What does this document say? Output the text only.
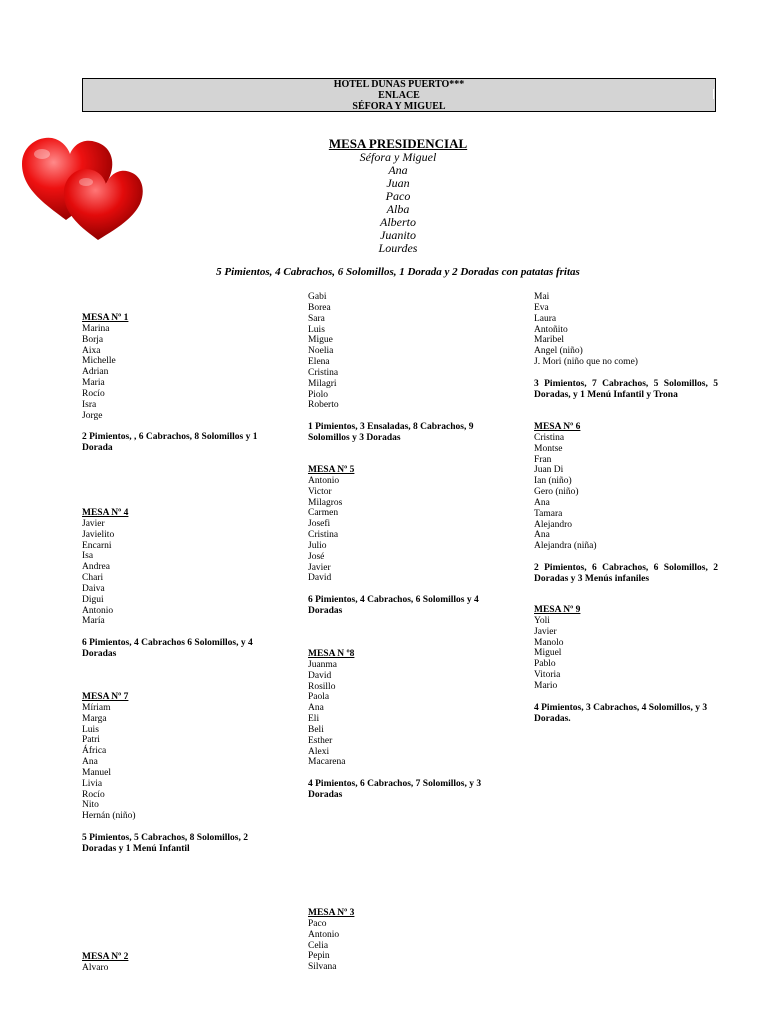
HOTEL DUNAS PUERTO***
ENLACE
SÉFORA Y MIGUEL
MESA PRESIDENCIAL
Séfora y Miguel
Ana
Juan
Paco
Alba
Alberto
Juanito
Lourdes
5 Pimientos, 4 Cabrachos, 6 Solomillos, 1 Dorada y 2 Doradas con patatas fritas
MESA Nº 1
Marina
Borja
Aixa
Michelle
Adrian
Maria
Rocío
Isra
Jorge
2 Pimientos, , 6 Cabrachos, 8 Solomillos y 1 Dorada
MESA Nº 4
Javier
Javielito
Encarni
Isa
Andrea
Chari
Daiva
Digui
Antonio
María
6 Pimientos, 4 Cabrachos 6 Solomillos, y 4 Doradas
MESA Nº 7
Míriam
Marga
Luis
Patri
África
Ana
Manuel
Livia
Rocío
Nito
Hernán (niño)
5 Pimientos, 5 Cabrachos, 8 Solomillos, 2 Doradas y 1 Menú Infantil
MESA Nº 2
Alvaro
Gabi
Borea
Sara
Luis
Migue
Noelia
Elena
Cristina
Milagri
Piolo
Roberto
1 Pimientos, 3 Ensaladas, 8 Cabrachos, 9 Solomillos y 3 Doradas
MESA Nº 5
Antonio
Victor
Milagros
Carmen
Josefi
Cristina
Julio
José
Javier
David
6 Pimientos, 4 Cabrachos, 6 Solomillos y 4 Doradas
MESA N º8
Juanma
David
Rosillo
Paola
Ana
Eli
Beli
Esther
Alexi
Macarena
4 Pimientos, 6 Cabrachos, 7 Solomillos, y 3 Doradas
MESA Nº 3
Paco
Antonio
Celia
Pepin
Silvana
Mai
Eva
Laura
Antoñito
Maribel
Angel (niño)
J. Mori (niño que no come)
3 Pimientos, 7 Cabrachos, 5 Solomillos, 5 Doradas, y 1 Menú Infantil y Trona
MESA Nº 6
Cristina
Montse
Fran
Juan Di
Ian (niño)
Gero (niño)
Ana
Tamara
Alejandro
Ana
Alejandra (niña)
2 Pimientos, 6 Cabrachos, 6 Solomillos, 2 Doradas y 3 Menús infaniles
MESA Nº 9
Yoli
Javier
Manolo
Miguel
Pablo
Vitoria
Mario
4 Pimientos, 3 Cabrachos, 4 Solomillos, y 3 Doradas.
